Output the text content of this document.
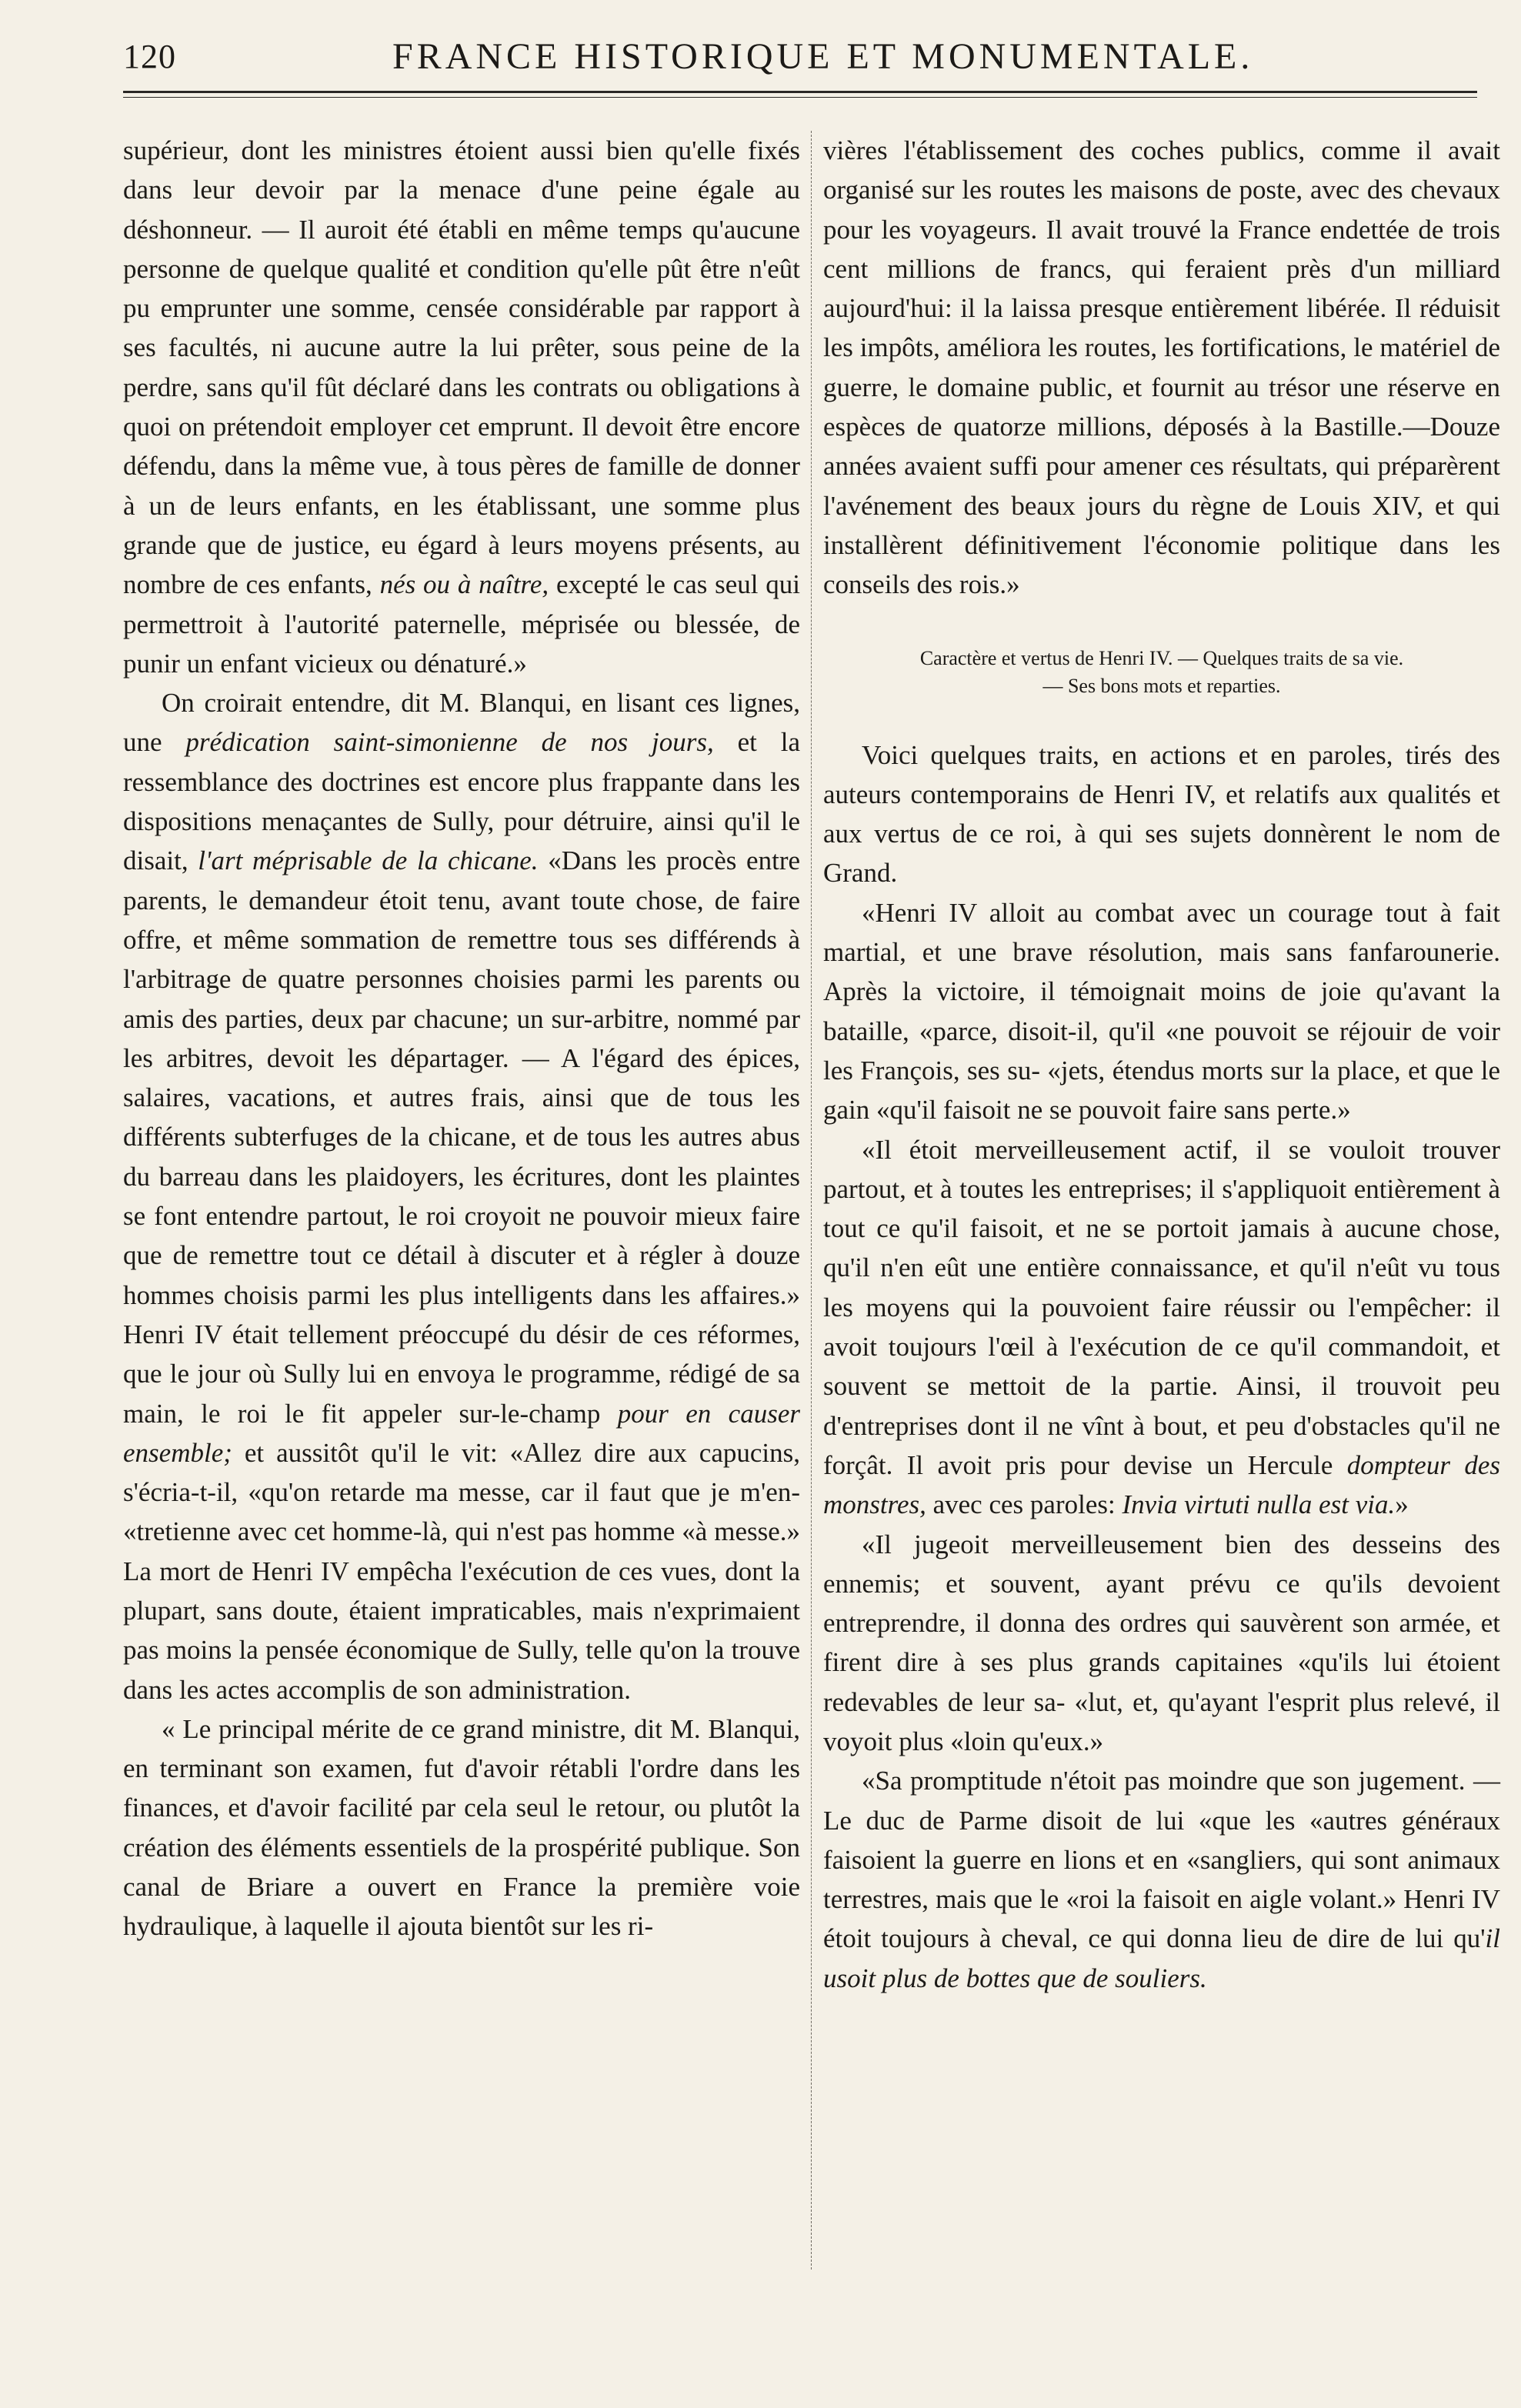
120	FRANCE HISTORIQUE ET MONUMENTALE.

supérieur, dont les ministres étoient aussi bien qu'elle fixés dans leur devoir par la menace d'une peine égale au déshonneur. — Il auroit été établi en même temps qu'aucune personne de quelque qualité et condition qu'elle pût être n'eût pu emprunter une somme, censée considérable par rapport à ses facultés, ni aucune autre la lui prêter, sous peine de la perdre, sans qu'il fût déclaré dans les contrats ou obligations à quoi on prétendoit employer cet emprunt. Il devoit être encore défendu, dans la même vue, à tous pères de famille de donner à un de leurs enfants, en les établissant, une somme plus grande que de justice, eu égard à leurs moyens présents, au nombre de ces enfants, nés ou à naître, excepté le cas seul qui permettroit à l'autorité paternelle, méprisée ou blessée, de punir un enfant vicieux ou dénaturé.»

On croirait entendre, dit M. Blanqui, en lisant ces lignes, une prédication saint-simonienne de nos jours, et la ressemblance des doctrines est encore plus frappante dans les dispositions menaçantes de Sully, pour détruire, ainsi qu'il le disait, l'art méprisable de la chicane. «Dans les procès entre parents, le demandeur étoit tenu, avant toute chose, de faire offre, et même sommation de remettre tous ses différends à l'arbitrage de quatre personnes choisies parmi les parents ou amis des parties, deux par chacune; un sur-arbitre, nommé par les arbitres, devoit les départager. — A l'égard des épices, salaires, vacations, et autres frais, ainsi que de tous les différents subterfuges de la chicane, et de tous les autres abus du barreau dans les plaidoyers, les écritures, dont les plaintes se font entendre partout, le roi croyoit ne pouvoir mieux faire que de remettre tout ce détail à discuter et à régler à douze hommes choisis parmi les plus intelligents dans les affaires.» Henri IV était tellement préoccupé du désir de ces réformes, que le jour où Sully lui en envoya le programme, rédigé de sa main, le roi le fit appeler sur-le-champ pour en causer ensemble; et aussitôt qu'il le vit: «Allez dire aux capucins, s'écria-t-il, «qu'on retarde ma messe, car il faut que je m'en- «tretienne avec cet homme-là, qui n'est pas homme «à messe.» La mort de Henri IV empêcha l'exécution de ces vues, dont la plupart, sans doute, étaient impraticables, mais n'exprimaient pas moins la pensée économique de Sully, telle qu'on la trouve dans les actes accomplis de son administration.

« Le principal mérite de ce grand ministre, dit M. Blanqui, en terminant son examen, fut d'avoir rétabli l'ordre dans les finances, et d'avoir facilité par cela seul le retour, ou plutôt la création des éléments essentiels de la prospérité publique. Son canal de Briare a ouvert en France la première voie hydraulique, à laquelle il ajouta bientôt sur les ri-

vières l'établissement des coches publics, comme il avait organisé sur les routes les maisons de poste, avec des chevaux pour les voyageurs. Il avait trouvé la France endettée de trois cent millions de francs, qui feraient près d'un milliard aujourd'hui: il la laissa presque entièrement libérée. Il réduisit les impôts, améliora les routes, les fortifications, le matériel de guerre, le domaine public, et fournit au trésor une réserve en espèces de quatorze millions, déposés à la Bastille.—Douze années avaient suffi pour amener ces résultats, qui préparèrent l'avénement des beaux jours du règne de Louis XIV, et qui installèrent définitivement l'économie politique dans les conseils des rois.»

Caractère et vertus de Henri IV. — Quelques traits de sa vie.
— Ses bons mots et reparties.

Voici quelques traits, en actions et en paroles, tirés des auteurs contemporains de Henri IV, et relatifs aux qualités et aux vertus de ce roi, à qui ses sujets donnèrent le nom de Grand.

«Henri IV alloit au combat avec un courage tout à fait martial, et une brave résolution, mais sans fanfarounerie. Après la victoire, il témoignait moins de joie qu'avant la bataille, «parce, disoit-il, qu'il «ne pouvoit se réjouir de voir les François, ses su- «jets, étendus morts sur la place, et que le gain «qu'il faisoit ne se pouvoit faire sans perte.»

«Il étoit merveilleusement actif, il se vouloit trouver partout, et à toutes les entreprises; il s'appliquoit entièrement à tout ce qu'il faisoit, et ne se portoit jamais à aucune chose, qu'il n'en eût une entière connaissance, et qu'il n'eût vu tous les moyens qui la pouvoient faire réussir ou l'empêcher: il avoit toujours l'œil à l'exécution de ce qu'il commandoit, et souvent se mettoit de la partie. Ainsi, il trouvoit peu d'entreprises dont il ne vînt à bout, et peu d'obstacles qu'il ne forçât. Il avoit pris pour devise un Hercule dompteur des monstres, avec ces paroles: Invia virtuti nulla est via.»

«Il jugeoit merveilleusement bien des desseins des ennemis; et souvent, ayant prévu ce qu'ils devoient entreprendre, il donna des ordres qui sauvèrent son armée, et firent dire à ses plus grands capitaines «qu'ils lui étoient redevables de leur sa- «lut, et, qu'ayant l'esprit plus relevé, il voyoit plus «loin qu'eux.»

«Sa promptitude n'étoit pas moindre que son jugement. — Le duc de Parme disoit de lui «que les «autres généraux faisoient la guerre en lions et en «sangliers, qui sont animaux terrestres, mais que le «roi la faisoit en aigle volant.» Henri IV étoit toujours à cheval, ce qui donna lieu de dire de lui qu'il usoit plus de bottes que de souliers.
